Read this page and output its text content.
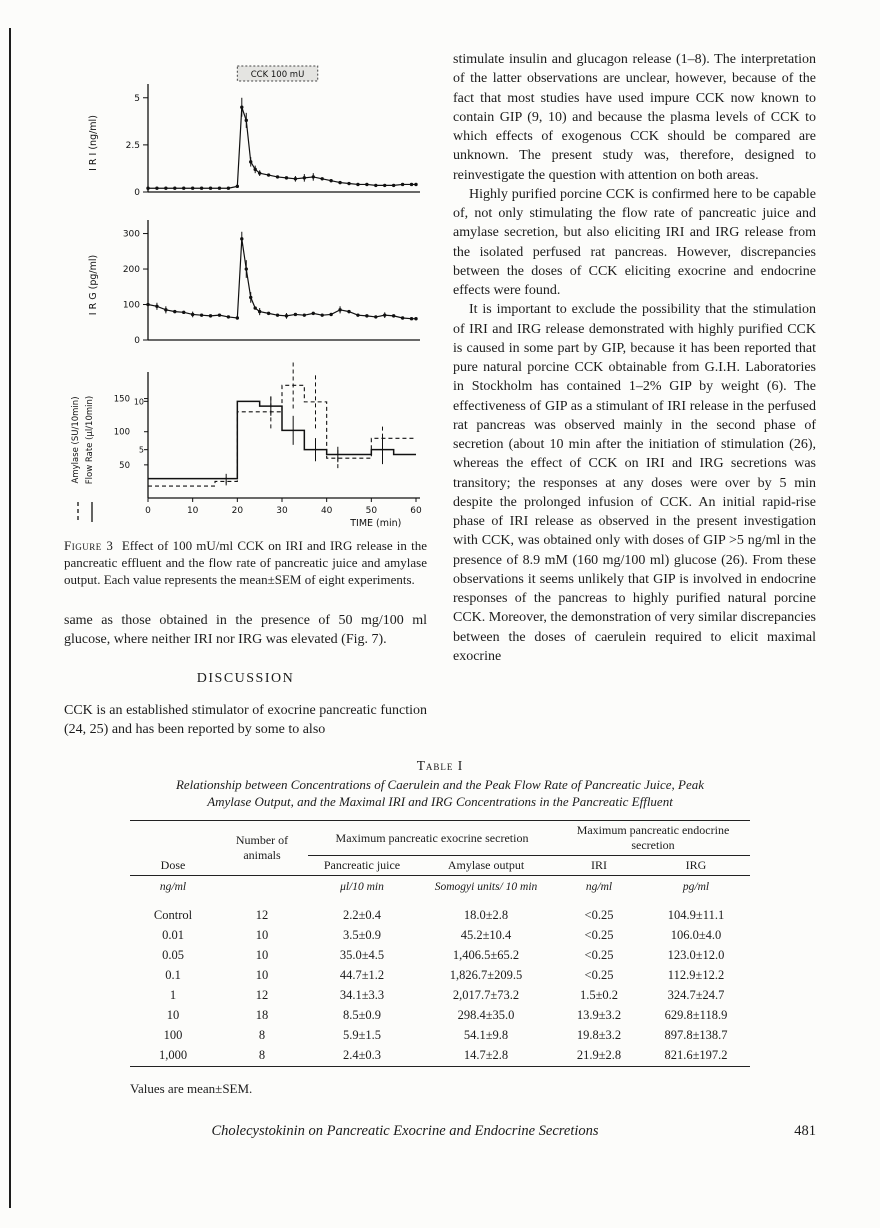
0
2.5
5
I R I (ng/ml)
0
100
200
300
I R G (pg/ml)
CCK 100 mU
50
100
150
Amylase (SU/10min)	5
10
Flow Rate (μl/10min)
0	10	20	30	40	50	60
TIME (min)
Figure 3 Effect of 100 mU/ml CCK on IRI and IRG release in the pancreatic effluent and the flow rate of pancreatic juice and amylase output. Each value represents the mean±SEM of eight experiments.

same as those obtained in the presence of 50 mg/100 ml glucose, where neither IRI nor IRG was elevated (Fig. 7).

DISCUSSION

CCK is an established stimulator of exocrine pancreatic function (24, 25) and has been reported by some to also

stimulate insulin and glucagon release (1–8). The interpretation of the latter observations are unclear, however, because of the fact that most studies have used impure CCK now known to contain GIP (9, 10) and because the plasma levels of CCK to which effects of exogenous CCK should be compared are unknown. The present study was, therefore, designed to reinvestigate the question with attention on both areas.

Highly purified porcine CCK is confirmed here to be capable of, not only stimulating the flow rate of pancreatic juice and amylase secretion, but also eliciting IRI and IRG release from the isolated perfused rat pancreas. However, discrepancies between the doses of CCK eliciting exocrine and endocrine effects were found.

It is important to exclude the possibility that the stimulation of IRI and IRG release demonstrated with highly purified CCK is caused in some part by GIP, because it has been reported that pure natural porcine CCK obtainable from G.I.H. Laboratories in Stockholm has contained 1–2% GIP by weight (6). The effectiveness of GIP as a stimulant of IRI release in the perfused rat pancreas was observed mainly in the second phase of secretion (about 10 min after the initiation of stimulation (26), whereas the effect of CCK on IRI and IRG secretions was transitory; the responses at any doses were over by 5 min despite the prolonged infusion of CCK. An initial rapid-rise phase of IRI release as observed in the present investigation with CCK, was obtained only with doses of GIP >5 ng/ml in the presence of 8.9 mM (160 mg/100 ml) glucose (26). From these observations it seems unlikely that GIP is involved in endocrine responses of the pancreas to highly purified natural porcine CCK. Moreover, the demonstration of very similar discrepancies between the doses of caerulein required to elicit maximal exocrine

Table I
Relationship between Concentrations of Caerulein and the Peak Flow Rate of Pancreatic Juice, Peak Amylase Output, and the Maximal IRI and IRG Concentrations in the Pancreatic Effluent
Dose	Number of animals	Maximum pancreatic exocrine secretion		Maximum pancreatic endocrine secretion	
		Pancreatic juice	Amylase output	IRI	IRG
ng/ml		μl/10 min	Somogyi units/ 10 min	ng/ml	pg/ml
Control	12	2.2±0.4	18.0±2.8	<0.25	104.9±11.1
0.01	10	3.5±0.9	45.2±10.4	<0.25	106.0±4.0
0.05	10	35.0±4.5	1,406.5±65.2	<0.25	123.0±12.0
0.1	10	44.7±1.2	1,826.7±209.5	<0.25	112.9±12.2
1	12	34.1±3.3	2,017.7±73.2	1.5±0.2	324.7±24.7
10	18	8.5±0.9	298.4±35.0	13.9±3.2	629.8±118.9
100	8	5.9±1.5	54.1±9.8	19.8±3.2	897.8±138.7
1,000	8	2.4±0.3	14.7±2.8	21.9±2.8	821.6±197.2
Values are mean±SEM.
Cholecystokinin on Pancreatic Exocrine and Endocrine Secretions	481
